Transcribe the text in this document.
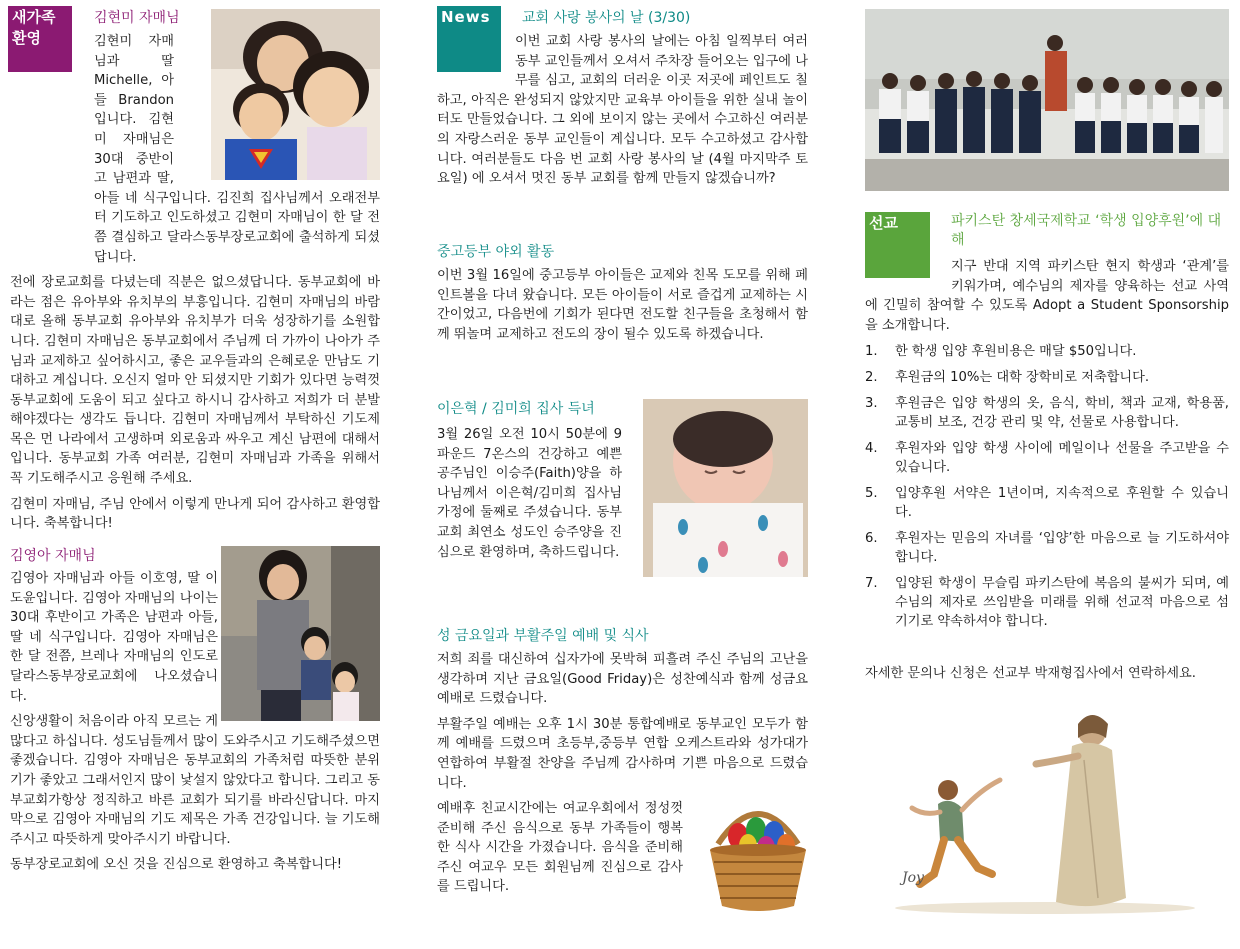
새가족 환영
김현미 자매님

김현미 자매님과 딸 Michelle, 아들 Brandon 입니다. 김현미 자매님은 30대 중반이고 남편과 딸, 아들 네 식구입니다. 김진희 집사님께서 오래전부터 기도하고 인도하셨고 김현미 자매님이 한 달 전쯤 결심하고 달라스동부장로교회에 출석하게 되셨답니다.

전에 장로교회를 다녔는데 직분은 없으셨답니다. 동부교회에 바라는 점은 유아부와 유치부의 부흥입니다. 김현미 자매님의 바람대로 올해 동부교회 유아부와 유치부가 더욱 성장하기를 소원합니다. 김현미 자매님은 동부교회에서 주님께 더 가까이 나아가 주님과 교제하고 싶어하시고, 좋은 교우들과의 은혜로운 만남도 기대하고 계십니다. 오신지 얼마 안 되셨지만 기회가 있다면 능력껏 동부교회에 도움이 되고 싶다고 하시니 감사하고 저희가 더 분발해야겠다는 생각도 듭니다. 김현미 자매님께서 부탁하신 기도제목은 먼 나라에서 고생하며 외로움과 싸우고 계신 남편에 대해서입니다. 동부교회 가족 여러분, 김현미 자매님과 가족을 위해서 꼭 기도해주시고 응원해 주세요.

김현미 자매님, 주님 안에서 이렇게 만나게 되어 감사하고 환영합니다. 축복합니다!

김영아 자매님

김영아 자매님과 아들 이호영, 딸 이도윤입니다. 김영아 자매님의 나이는 30대 후반이고 가족은 남편과 아들, 딸 네 식구입니다. 김영아 자매님은 한 달 전쯤, 브레나 자매님의 인도로 달라스동부장로교회에 나오셨습니다.

신앙생활이 처음이라 아직 모르는 게 많다고 하십니다. 성도님들께서 많이 도와주시고 기도해주셨으면 좋겠습니다. 김영아 자매님은 동부교회의 가족처럼 따뜻한 분위기가 좋았고 그래서인지 많이 낯설지 않았다고 합니다. 그리고 동부교회가항상 정직하고 바른 교회가 되기를 바라신답니다. 마지막으로 김영아 자매님의 기도 제목은 가족 건강입니다. 늘 기도해주시고 따뜻하게 맞아주시기 바랍니다.

동부장로교회에 오신 것을 진심으로 환영하고 축복합니다!

News	교회 사랑 봉사의 날 (3/30)

이번 교회 사랑 봉사의 날에는 아침 일찍부터 여러 동부 교인들께서 오셔서 주차장 들어오는 입구에 나무를 심고, 교회의 더러운 이곳 저곳에 페인트도 칠하고, 아직은 완성되지 않았지만 교육부 아이들을 위한 실내 놀이터도 만들었습니다. 그 외에 보이지 않는 곳에서 수고하신 여러분의 자랑스러운 동부 교인들이 계십니다. 모두 수고하셨고 감사합니다. 여러분들도 다음 번 교회 사랑 봉사의 날 (4월 마지막주 토요일) 에 오셔서 멋진 동부 교회를 함께 만들지 않겠습니까?

중고등부 야외 활동

이번 3월 16일에 중고등부 아이들은 교제와 친목 도모를 위해 페인트볼을 다녀 왔습니다. 모든 아이들이 서로 즐겁게 교제하는 시간이었고, 다음번에 기회가 된다면 전도할 친구들을 초청해서 함께 뛰놀며 교제하고 전도의 장이 될수 있도록 하겠습니다.

이은혁 / 김미희 집사 득녀

3월 26일 오전 10시 50분에 9파운드 7온스의 건강하고 예쁜 공주님인 이승주(Faith)양을 하나님께서 이은혁/김미희 집사님 가정에 둘째로 주셨습니다. 동부교회 최연소 성도인 승주양을 진심으로 환영하며, 축하드립니다.

성 금요일과 부활주일 예배 및 식사

저희 죄를 대신하여 십자가에 못박혀 피흘려 주신 주님의 고난을 생각하며 지난 금요일(Good Friday)은 성찬예식과 함께 성금요예배로 드렸습니다.

부활주일 예배는 오후 1시 30분 통합예배로 동부교인 모두가 함께 예배를 드렸으며 초등부,중등부 연합 오케스트라와 성가대가 연합하여 부활절 찬양을 주님께 감사하며 기쁜 마음으로 드렸습니다.

예배후 친교시간에는 여교우회에서 정성껏 준비해 주신 음식으로 동부 가족들이 행복한 식사 시간을 가졌습니다. 음식을 준비해주신 여교우 모든 회원님께 진심으로 감사를 드립니다.

선교	파키스탄 창세국제학교 ‘학생 입양후원’에 대해

지구 반대 지역 파키스탄 현지 학생과 ‘관계’를 키워가며, 예수님의 제자를 양육하는 선교 사역에 긴밀히 참여할 수 있도록 Adopt a Student Sponsorship을 소개합니다.

1.	한 학생 입양 후원비용은 매달 $50입니다.
2.	후원금의 10%는 대학 장학비로 저축합니다.
3.	후원금은 입양 학생의 옷, 음식, 학비, 책과 교재, 학용품, 교통비 보조, 건강 관리 및 약, 선물로 사용합니다.
4.	후원자와 입양 학생 사이에 메일이나 선물을 주고받을 수 있습니다.
5.	입양후원 서약은 1년이며, 지속적으로 후원할 수 있습니다.
6.	후원자는 믿음의 자녀를 ‘입양’한 마음으로 늘 기도하셔야 합니다.
7.	입양된 학생이 무슬림 파키스탄에 복음의 불씨가 되며, 예수님의 제자로 쓰임받을 미래를 위해 선교적 마음으로 섬기기로 약속하셔야 합니다.
자세한 문의나 신청은 선교부 박재형집사에서 연락하세요.
Joy
